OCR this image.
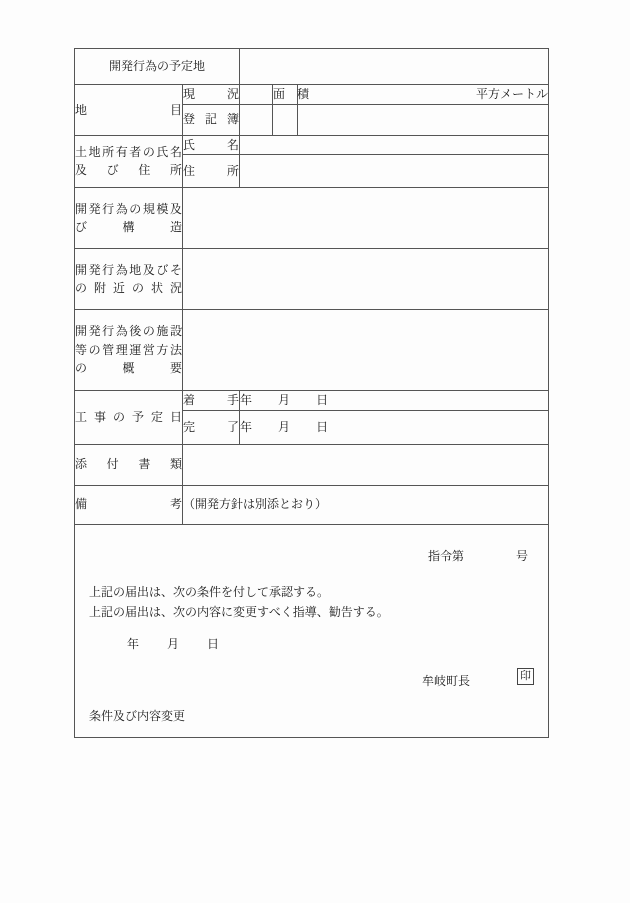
開発行為の予定地				
地　目	現　況		面　積	平方メートル
	登記簿			
土地所有者の氏名及び住所	氏　名			
	住　所			
開発行為の規模及び構造				
開発行為地及びその附近の状況				
開発行為後の施設等の管理運営方法の概要				
工事の予定日	着　手	年 月 日		
	完　了	年 月 日		
添　付　書　類				
備　　考	（開発方針は別添とおり）			

指令第	号
上記の届出は、次の条件を付して承認する。
上記の届出は、次の内容に変更すべく指導、勧告する。
年 月 日
牟岐町長	印
条件及び内容変更
